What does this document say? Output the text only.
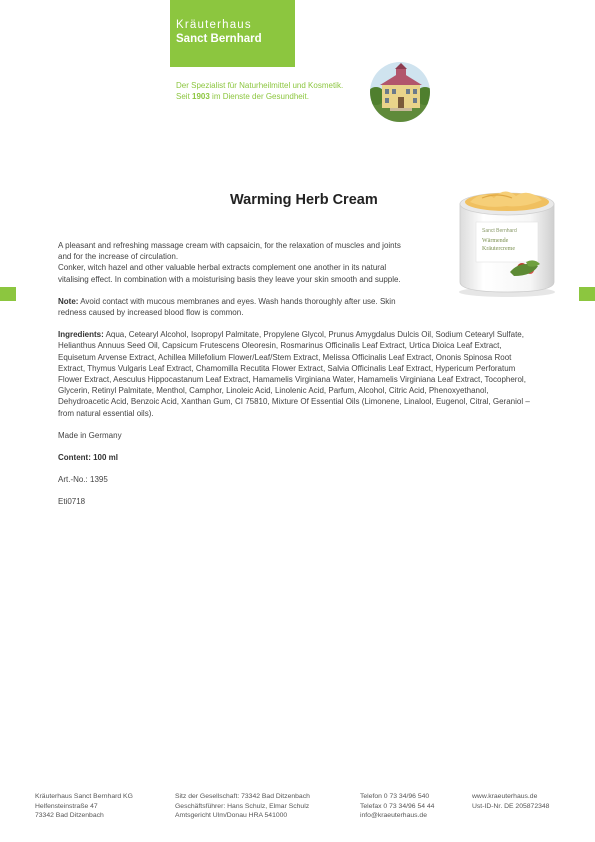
Kräuterhaus
Sanct Bernhard
Der Spezialist für Naturheilmittel und Kosmetik.
Seit 1903 im Dienste der Gesundheit.
Warming Herb Cream
Sanct Bernhard
Wärmende
Kräutercreme

A pleasant and refreshing massage cream with capsaicin, for the relaxation of muscles and joints

and for the increase of circulation.

Conker, witch hazel and other valuable herbal extracts complement one another in its natural

vitalising effect. In combination with a moisturising basis they leave your skin smooth and supple.

Note: Avoid contact with mucous membranes and eyes. Wash hands thoroughly after use. Skin

redness caused by increased blood flow is common.

Ingredients: Aqua, Cetearyl Alcohol, Isopropyl Palmitate, Propylene Glycol, Prunus Amygdalus Dulcis Oil, Sodium Cetearyl Sulfate,

Helianthus Annuus Seed Oil, Capsicum Frutescens Oleoresin, Rosmarinus Officinalis Leaf Extract, Urtica Dioica Leaf Extract,

Equisetum Arvense Extract, Achillea Millefolium Flower/Leaf/Stem Extract, Melissa Officinalis Leaf Extract, Ononis Spinosa Root

Extract, Thymus Vulgaris Leaf Extract, Chamomilla Recutita Flower Extract, Salvia Officinalis Leaf Extract, Hypericum Perforatum

Flower Extract, Aesculus Hippocastanum Leaf Extract, Hamamelis Virginiana Water, Hamamelis Virginiana Leaf Extract, Tocopherol,

Glycerin, Retinyl Palmitate, Menthol, Camphor, Linoleic Acid, Linolenic Acid, Parfum, Alcohol, Citric Acid, Phenoxyethanol,

Dehydroacetic Acid, Benzoic Acid, Xanthan Gum, CI 75810, Mixture Of Essential Oils (Limonene, Linalool, Eugenol, Citral, Geraniol –

from natural essential oils).

Made in Germany

Content: 100 ml

Art.-No.: 1395

Eti0718

Kräuterhaus Sanct Bernhard KG
Helfensteinstraße 47
73342 Bad Ditzenbach
Sitz der Gesellschaft: 73342 Bad Ditzenbach
Geschäftsführer: Hans Schulz, Elmar Schulz
Amtsgericht Ulm/Donau HRA 541000
Telefon 0 73 34/96 540
Telefax 0 73 34/96 54 44
info@kraeuterhaus.de
www.kraeuterhaus.de
Ust-ID-Nr. DE 205872348
